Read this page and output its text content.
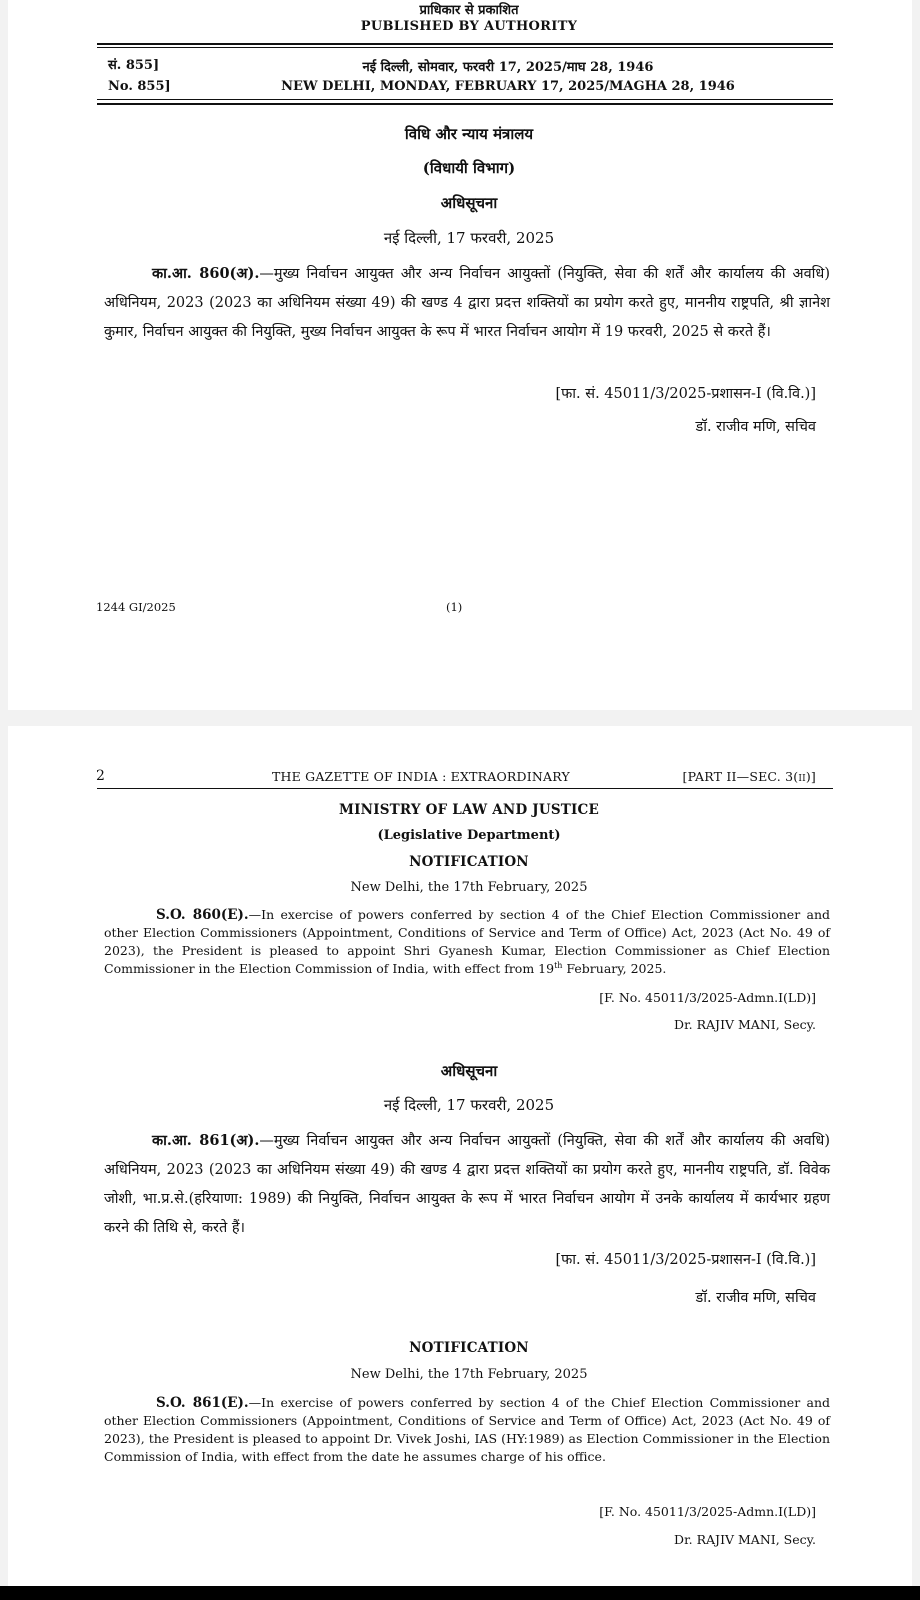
प्राधिकार से प्रकाशित
PUBLISHED BY AUTHORITY
सं. 855]	नई दिल्ली, सोमवार, फरवरी 17, 2025/माघ 28, 1946
No. 855]	NEW DELHI, MONDAY, FEBRUARY 17, 2025/MAGHA 28, 1946
विधि और न्याय मंत्रालय
(विधायी विभाग)
अधिसूचना
नई दिल्ली, 17 फरवरी, 2025
का.आ. 860(अ).—मुख्य निर्वाचन आयुक्त और अन्य निर्वाचन आयुक्तों (नियुक्ति, सेवा की शर्तें और कार्यालय की अवधि) अधिनियम, 2023 (2023 का अधिनियम संख्या 49) की खण्ड 4 द्वारा प्रदत्त शक्तियों का प्रयोग करते हुए, माननीय राष्ट्रपति, श्री ज्ञानेश कुमार, निर्वाचन आयुक्त की नियुक्ति, मुख्य निर्वाचन आयुक्त के रूप में भारत निर्वाचन आयोग में 19 फरवरी, 2025 से करते हैं।
[फा. सं. 45011/3/2025-प्रशासन-I (वि.वि.)]
डॉ. राजीव मणि, सचिव
1244 GI/2025	(1)
2	THE GAZETTE OF INDIA : EXTRAORDINARY	[PART II—SEC. 3(ii)]
MINISTRY OF LAW AND JUSTICE
(Legislative Department)
NOTIFICATION
New Delhi, the 17th February, 2025
S.O. 860(E).—In exercise of powers conferred by section 4 of the Chief Election Commissioner and other Election Commissioners (Appointment, Conditions of Service and Term of Office) Act, 2023 (Act No. 49 of 2023), the President is pleased to appoint Shri Gyanesh Kumar, Election Commissioner as Chief Election Commissioner in the Election Commission of India, with effect from 19th February, 2025.
[F. No. 45011/3/2025-Admn.I(LD)]
Dr. RAJIV MANI, Secy.
अधिसूचना
नई दिल्ली, 17 फरवरी, 2025
का.आ. 861(अ).—मुख्य निर्वाचन आयुक्त और अन्य निर्वाचन आयुक्तों (नियुक्ति, सेवा की शर्तें और कार्यालय की अवधि) अधिनियम, 2023 (2023 का अधिनियम संख्या 49) की खण्ड 4 द्वारा प्रदत्त शक्तियों का प्रयोग करते हुए, माननीय राष्ट्रपति, डॉ. विवेक जोशी, भा.प्र.से.(हरियाणा: 1989) की नियुक्ति, निर्वाचन आयुक्त के रूप में भारत निर्वाचन आयोग में उनके कार्यालय में कार्यभार ग्रहण करने की तिथि से, करते हैं।
[फा. सं. 45011/3/2025-प्रशासन-I (वि.वि.)]
डॉ. राजीव मणि, सचिव
NOTIFICATION
New Delhi, the 17th February, 2025
S.O. 861(E).—In exercise of powers conferred by section 4 of the Chief Election Commissioner and other Election Commissioners (Appointment, Conditions of Service and Term of Office) Act, 2023 (Act No. 49 of 2023), the President is pleased to appoint Dr. Vivek Joshi, IAS (HY:1989) as Election Commissioner in the Election Commission of India, with effect from the date he assumes charge of his office.
[F. No. 45011/3/2025-Admn.I(LD)]
Dr. RAJIV MANI, Secy.
